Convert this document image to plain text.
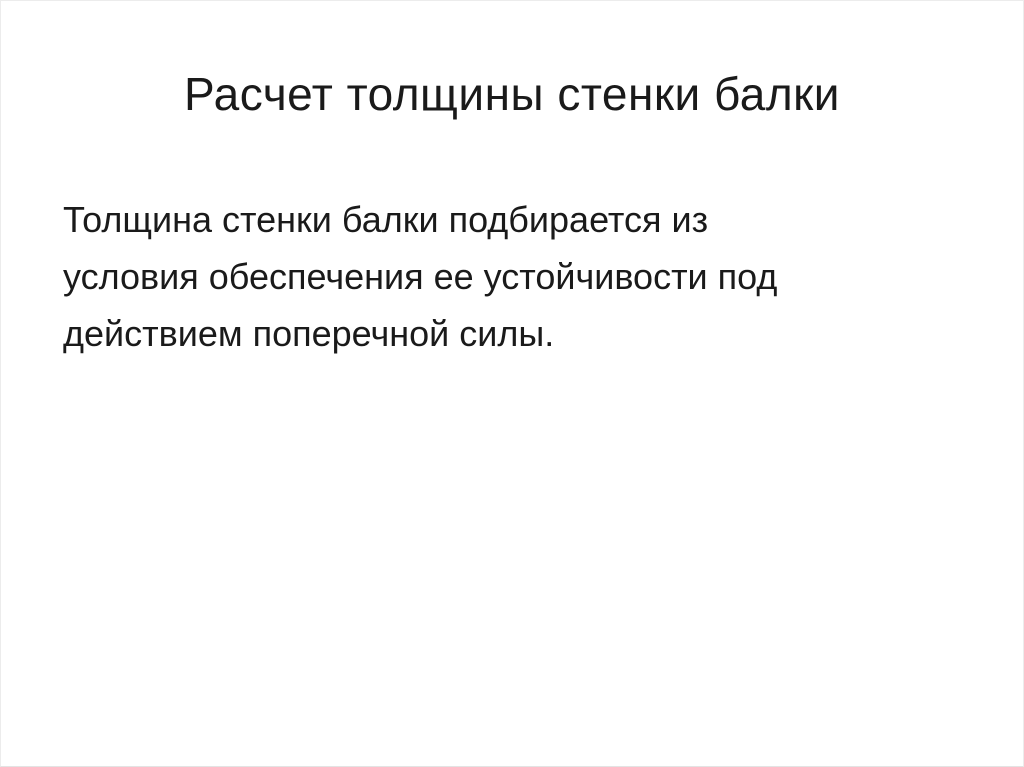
Расчет толщины стенки балки
Толщина стенки балки подбирается из
условия обеспечения ее устойчивости под
действием поперечной силы.
